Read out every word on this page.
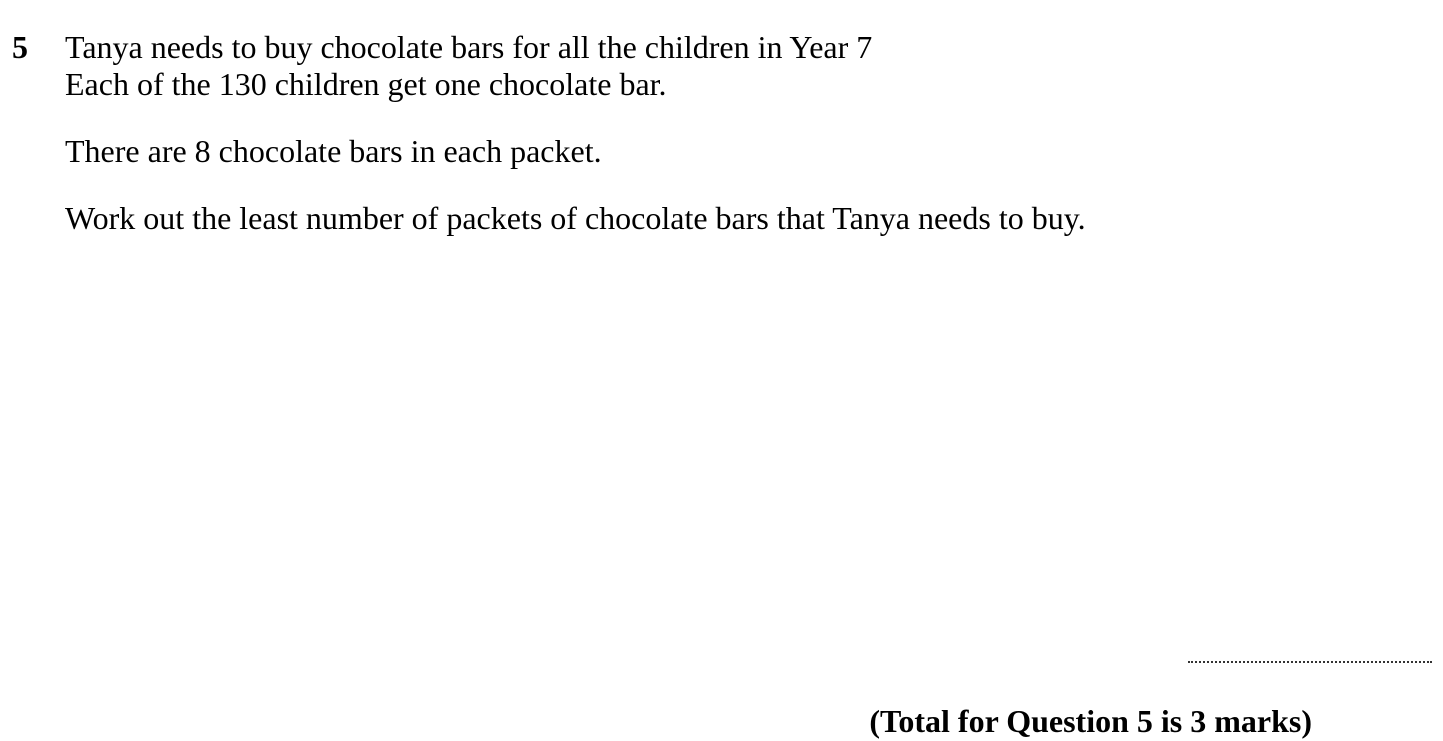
5 Tanya needs to buy chocolate bars for all the children in Year 7
Each of the 130 children get one chocolate bar.
There are 8 chocolate bars in each packet.
Work out the least number of packets of chocolate bars that Tanya needs to buy.
(Total for Question 5 is 3 marks)
